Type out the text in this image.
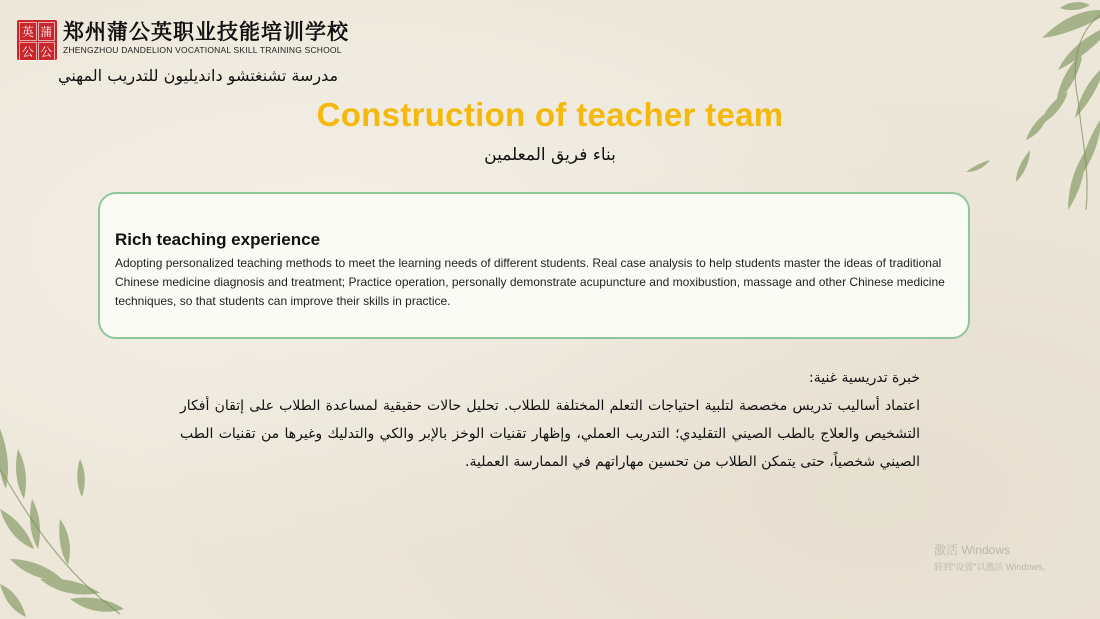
英 蒲
公 公
郑州蒲公英职业技能培训学校
ZHENGZHOU DANDELION VOCATIONAL SKILL TRAINING SCHOOL
مدرسة تشنغتشو دانديليون للتدريب المهني
Construction of teacher team
بناء فريق المعلمين

Rich teaching experience

Adopting personalized teaching methods to meet the learning needs of different students. Real case analysis to help students master the ideas of traditional Chinese medicine diagnosis and treatment; Practice operation, personally demonstrate acupuncture and moxibustion, massage and other Chinese medicine techniques, so that students can improve their skills in practice.

خبرة تدريسية غنية:
اعتماد أساليب تدريس مخصصة لتلبية احتياجات التعلم المختلفة للطلاب. تحليل حالات حقيقية لمساعدة الطلاب على إتقان أفكار التشخيص والعلاج بالطب الصيني التقليدي؛ التدريب العملي، وإظهار تقنيات الوخز بالإبر والكي والتدليك وغيرها من تقنيات الطب الصيني شخصياً، حتى يتمكن الطلاب من تحسين مهاراتهم في الممارسة العملية.
激活 Windows
转到"设置"以激活 Windows。
